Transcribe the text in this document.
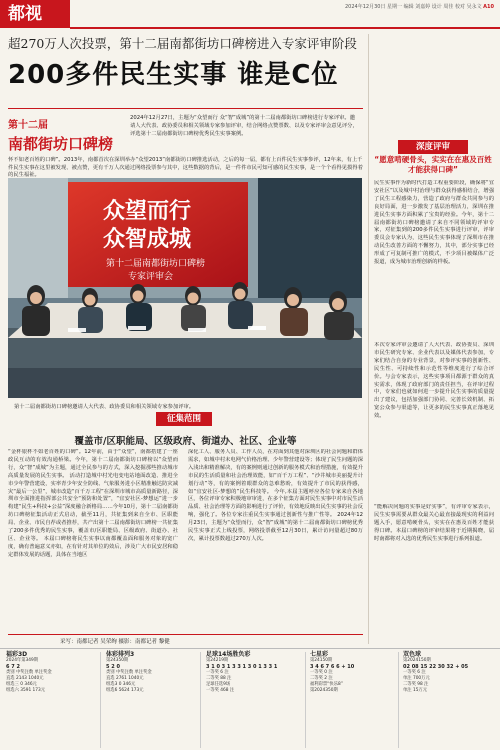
都视	2024年12月30日 星期一 编辑 刘嘉婷 设计 周佳 校对 吴永文 A10
超270万人次投票，第十二届南都街坊口碑榜进入专家评审阶段
200多件民生实事 谁是C位
第十二届
南都街坊口碑榜
2024年12月27日，主题为“众望而行 众“智”成城”的第十二届南都街坊口碑榜进行专家评审。邀请人大代表、政协委员和相关领域专家参加评审，结合网络点赞票数、以及专家评审会意见评分，评选第十二届南都街坊口碑榜优秀民生实事案例。
怀不如老百姓的口碑”。2013年，南都首次在深圳举办“众望2013”南都街坊口碑推选活动，之后的每一届，都有上百件民生实事参评，12年来，有上千件民生实事在这里被发现、被点赞，更有千万人次通过网络投票参与其中，这些数据的背后，是一件件市民可知可感的民生实事，是一个个看得见摸得着的民生福祉。
众望而行
众智成城
第十二届南都街坊口碑榜
专家评审会
第十二届南都街坊口碑榜邀请人大代表、政协委员和相关领域专家参加评审。
征集范围
覆盖市/区职能局、区级政府、街道办、社区、企业等
“金杯银杯不如老百姓的口碑”。12年前，由于“众望”，南都搭建了一座政民互动的有效沟通桥梁。今年，第十二届南都街坊口碑榜以“众望而行，众“智”成城”为主题，通过全民参与的方式，深入挖掘那些推动城市高质量发展的民生实事。 活动打造城中村光电变电站地面改造、推进全市少年警营建设，实率青少年安全防线、气象服务进小区精准触达防灾减灾“最后一公里”，城市改造“百千万工程”在深圳市城市高质量新路径，深圳市全面推进指挥部公共安全“预防和处置”，“宜安社区-梦想运”进一步构建“民生+科技+公益”深度融合新格局……今年10月，第十二届南都街坊口碑榜征集活动正式启动，截至11月，共征集到来自全市、区职能局、企业、市民自荐或者推荐，共产出第十二届南都街坊口碑榜一共征集了200多件优秀的民生实事，覆盖市/区职能局、区级政府、街道办、社区、企业等。 本届口碑榜将民生实事以南都覆盖面和服务对象的宽广度，确有普遍意义亦如，在有针对其单位的效后，涉及广大市民安居和稳定群体发展的话题，具体在当地区
深化工人、服务人员、工作人员，在对面到其他对深圳区的社会问题和群体需求，如城中村未电网气价格治理、少年警营建设等；体现了民生问题的深入浅出和精准解决，有的案例则通过创新的服务模式和治理措施，有效提升市民的生活质量和社会治理效能，如“百千万工程”、“沙井城市美丽提升计划行动”等，有的案例着眼群众的急难愁盼，有效提升了市民的获得感，如“宜安社区-梦想的”民生科技等。 今年,本届主题呼应各位专家来自各地区，各位评审专家积极地审审进，在多个征集方面对民生实事中对市民生活品质、社会治理等方面的影响进行了评价，有效地反映出民生实事的社会反响，强化了。各位专家注重民生实事通过创新性与推广性等。 2024年12月23日，主题为“众望而行，众“智”成城”的第十二届南都街坊口碑榜优秀民生实事正式上线投票，网络投票截至12月30日，累计访问量超过80万次，累计投票数超过270万人次。
采写：南都记者 吴荣绚 摄影：南都记者 黎健
深度评审
“愿意啃硬骨头，实实在在惠及百姓才能获得口碑”
民生实事作为新时代打造工程重要阶段，确保将“宜安社区”以及城中村治理与群众获得感相结合，增强了民生工程感染力，营造了政府与群众共同参与的良好局面，进一步激发了基层治理活力，深圳在推进民生实事方面积累了宝贵的经验。今年，第十二届南都街坊口碑榜邀请了来自不同领域的评审专家，对征集到的200多件民生实事进行评审，评审委员会专家认为，这些民生实事体现了深圳市在推动民生改善方面的不懈努力，其中，部分实事已经形成了可复制可推广的模式，不少项目被媒体广泛报道，成为城市治理创新的样板。
本次专家评审会邀请了人大代表、政协委员、深圳市民生研究专家、企业代表以及媒体代表参加，专家们结合自身的专业背景，对参评实事的创新性、民生性、可持续性和示范性等维度进行了综合评价。与会专家表示，这些实事项目都源于群众的真实需求，体现了政府部门的责任担当，在评审过程中，专家们也就如何进一步提升民生实事的质量提出了建议，包括加强部门协同、完善长效机制、拓宽公众参与渠道等，让更多的民生实事真正落地见效。
“能解决问题的实事是好实事”，有评审专家表示，民生实事需要从群众最关心最直接最现实的利益问题入手，愿意啃硬骨头，实实在在惠及百姓才能获得口碑。本届口碑榜的评审结果将于近期揭晓，届时南都将对入选的优秀民生实事进行系列报道。
福彩3D
2024年第349期
6 7 2
类别 中奖注数 单注奖金
直选 2143 1040元
组选三 0 346元
组选六 3591 173元
体彩排列3
第24350期
5 2 0
类别 中奖注数 单注奖金
直选 2761 1040元
组选3 0 346元
组选6 5624 173元
足球14场胜负彩
第24219期
3 1 0 3 1 3 3 1 3 0 1 3 3 1
一等奖 6 注
二等奖 88 注
足球任选9场
一等奖 468 注
七星彩
第24150期
3 4 6 7 6 6 + 10
一等奖 0 注
二等奖 2 注
福利彩票“快乐8”
第2024350期
双色球
第2024150期
02 08 15 22 30 32 + 05
一等奖 6 注
单注 700万元
二等奖 98 注
单注 15万元
